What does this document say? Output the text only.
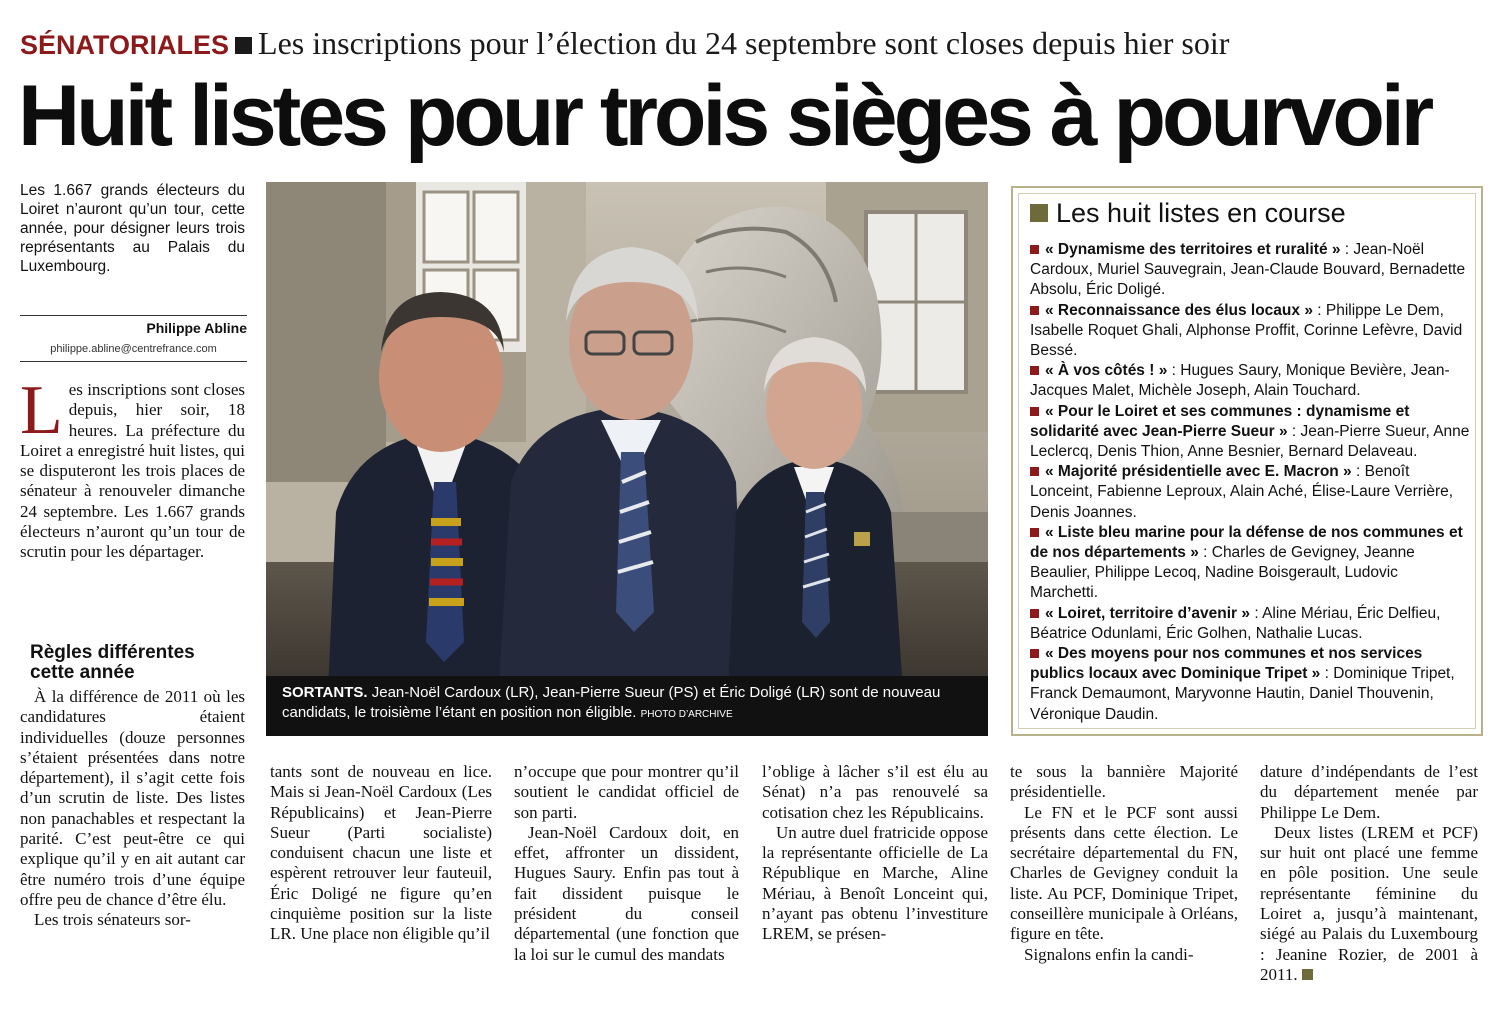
SÉNATORIALES Les inscriptions pour l’élection du 24 septembre sont closes depuis hier soir
Huit listes pour trois sièges à pourvoir
Les 1.667 grands électeurs du Loiret n’auront qu’un tour, cette année, pour désigner leurs trois représentants au Palais du Luxembourg.
Philippe Abline
philippe.abline@centrefrance.com
Les inscriptions sont closes depuis, hier soir, 18 heures. La préfecture du Loiret a enregistré huit listes, qui se disputeront les trois places de sénateur à renouveler dimanche 24 septembre. Les 1.667 grands électeurs n’auront qu’un tour de scrutin pour les départager.
Règles différentes cette année

À la différence de 2011 où les candidatures étaient individuelles (douze personnes s’étaient présentées dans notre département), il s’agit cette fois d’un scrutin de liste. Des listes non panachables et respectant la parité. C’est peut-être ce qui explique qu’il y en ait autant car être numéro trois d’une équipe offre peu de chance d’être élu.

Les trois sénateurs sor-

SORTANTS. Jean-Noël Cardoux (LR), Jean-Pierre Sueur (PS) et Éric Doligé (LR) sont de nouveau candidats, le troisième l’étant en position non éligible. PHOTO D’ARCHIVE

tants sont de nouveau en lice. Mais si Jean-Noël Cardoux (Les Républicains) et Jean-Pierre Sueur (Parti socialiste) conduisent chacun une liste et espèrent retrouver leur fauteuil, Éric Doligé ne figure qu’en cinquième position sur la liste LR. Une place non éligible qu’il

n’occupe que pour montrer qu’il soutient le candidat officiel de son parti.

Jean-Noël Cardoux doit, en effet, affronter un dissident, Hugues Saury. Enfin pas tout à fait dissident puisque le président du conseil départemental (une fonction que la loi sur le cumul des mandats

l’oblige à lâcher s’il est élu au Sénat) n’a pas renouvelé sa cotisation chez les Républicains.

Un autre duel fratricide oppose la représentante officielle de La République en Marche, Aline Mériau, à Benoît Lonceint qui, n’ayant pas obtenu l’investiture LREM, se présen-

te sous la bannière Majorité présidentielle.

Le FN et le PCF sont aussi présents dans cette élection. Le secrétaire départemental du FN, Charles de Gevigney conduit la liste. Au PCF, Dominique Tripet, conseillère municipale à Orléans, figure en tête.

Signalons enfin la candi-

dature d’indépendants de l’est du département menée par Philippe Le Dem.

Deux listes (LREM et PCF) sur huit ont placé une femme en pôle position. Une seule représentante féminine du Loiret a, jusqu’à maintenant, siégé au Palais du Luxembourg : Jeanine Rozier, de 2001 à 2011.

Les huit listes en course

« Dynamisme des territoires et ruralité » : Jean-Noël Cardoux, Muriel Sauvegrain, Jean-Claude Bouvard, Bernadette Absolu, Éric Doligé.

« Reconnaissance des élus locaux » : Philippe Le Dem, Isabelle Roquet Ghali, Alphonse Proffit, Corinne Lefèvre, David Bessé.

« À vos côtés ! » : Hugues Saury, Monique Bevière, Jean-Jacques Malet, Michèle Joseph, Alain Touchard.

« Pour le Loiret et ses communes : dynamisme et solidarité avec Jean-Pierre Sueur » : Jean-Pierre Sueur, Anne Leclercq, Denis Thion, Anne Besnier, Bernard Delaveau.

« Majorité présidentielle avec E. Macron » : Benoît Lonceint, Fabienne Leproux, Alain Aché, Élise-Laure Verrière, Denis Joannes.

« Liste bleu marine pour la défense de nos communes et de nos départements » : Charles de Gevigney, Jeanne Beaulier, Philippe Lecoq, Nadine Boisgerault, Ludovic Marchetti.

« Loiret, territoire d’avenir » : Aline Mériau, Éric Delfieu, Béatrice Odunlami, Éric Golhen, Nathalie Lucas.

« Des moyens pour nos communes et nos services publics locaux avec Dominique Tripet » : Dominique Tripet, Franck Demaumont, Maryvonne Hautin, Daniel Thouvenin, Véronique Daudin.
